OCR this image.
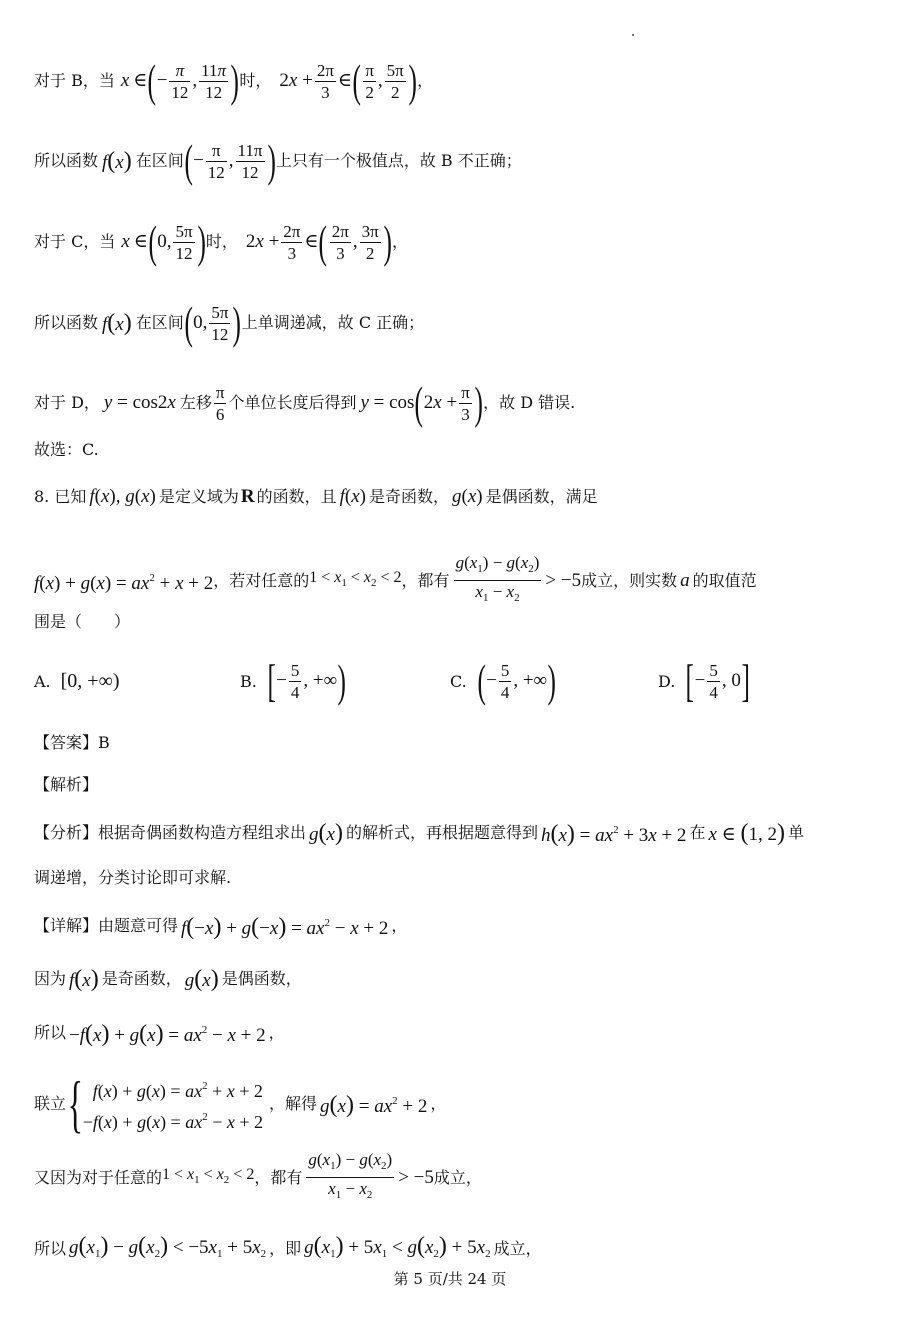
对于 B，当 x ∈ ( − $\frac{\pi}{12}$ , $\frac{11\pi}{12}$ ) 时， $2x + \frac{2\pi}{3}$ ∈ ( $\frac{\pi}{2}$ , $\frac{5\pi}{2}$ ) ，
所以函数 f(x) 在区间 ( − $\frac{\pi}{12}$ , $\frac{11\pi}{12}$ ) 上只有一个极值点，故 B 不正确；
对于 C，当 x ∈ ( 0, $\frac{5\pi}{12}$ ) 时， $2x + \frac{2\pi}{3}$ ∈ ( $\frac{2\pi}{3}$ , $\frac{3\pi}{2}$ ) ，
所以函数 f(x) 在区间 ( 0, $\frac{5\pi}{12}$ ) 上单调递减，故 C 正确；
对于 D， y = cos2x 左移 $\frac{\pi}{6}$ 个单位长度后得到 y = cos ( $2x + \frac{\pi}{3}$ ) ，故 D 错误.
故选：C.
8. 已知 f(x), g(x) 是定义域为 R 的函数，且 f(x) 是奇函数， g(x) 是偶函数，满足
$f(x) + g(x) = ax^2 + x + 2$ ，若对任意的 $1 < x_1 < x_2 < 2$ ，都有 $\frac{g(x_1) - g(x_2)}{x_1 - x_2} > -5$ 成立，则实数 a 的取值范
围是（　　）
A. [0, +∞)	B. [ − $\frac{5}{4}$ , +∞ )	C. ( − $\frac{5}{4}$ , +∞ )	D. [ − $\frac{5}{4}$ , 0 ]
【答案】B
【解析】
【分析】根据奇偶函数构造方程组求出 g(x) 的解析式，再根据题意得到 $h(x) = ax^2 + 3x + 2$ 在 x ∈ (1, 2) 单
调递增，分类讨论即可求解.
【详解】由题意可得 $f(-x) + g(-x) = ax^2 - x + 2$ ，
因为 f(x) 是奇函数， g(x) 是偶函数，
所以 $-f(x) + g(x) = ax^2 - x + 2$ ，
联立 { $f(x) + g(x) = ax^2 + x + 2$
$-f(x) + g(x) = ax^2 - x + 2$
，解得 $g(x) = ax^2 + 2$ ，
又因为对于任意的 $1 < x_1 < x_2 < 2$ ，都有 $\frac{g(x_1) - g(x_2)}{x_1 - x_2} > -5$ 成立，
所以 $g(x_1) - g(x_2) < -5x_1 + 5x_2$ ，即 $g(x_1) + 5x_1 < g(x_2) + 5x_2$ 成立，
第 5 页/共 24 页
